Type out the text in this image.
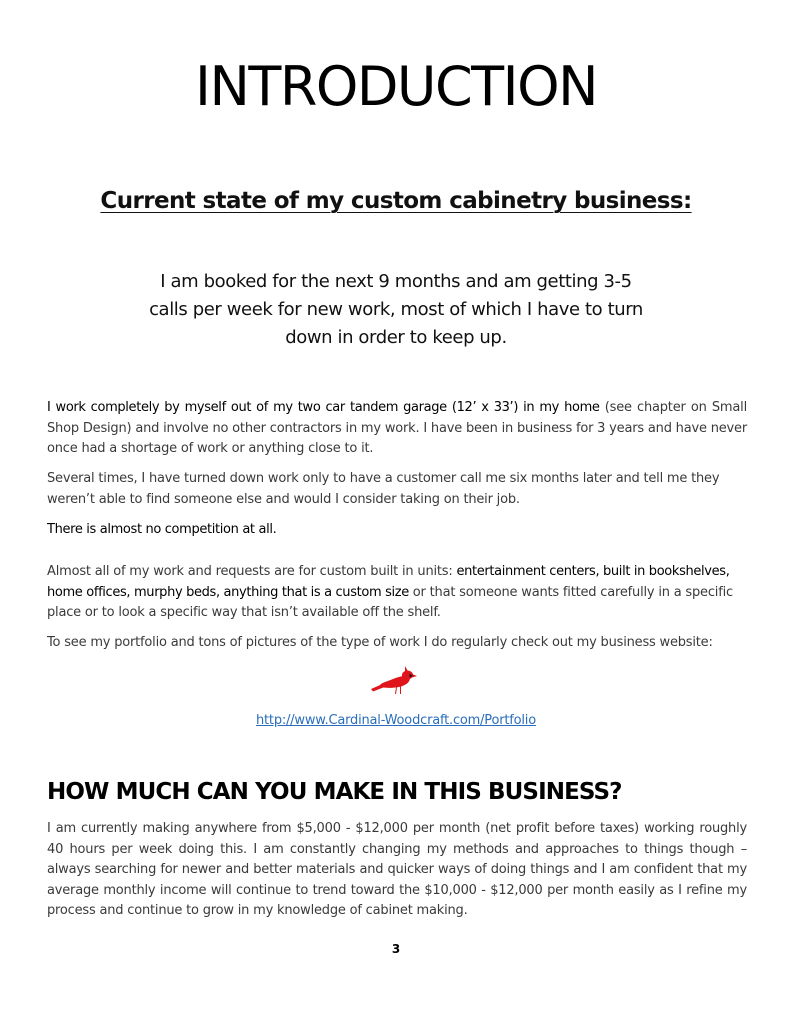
INTRODUCTION
Current state of my custom cabinetry business:

I am booked for the next 9 months and am getting 3-5 calls per week for new work, most of which I have to turn down in order to keep up.

I work completely by myself out of my two car tandem garage (12’ x 33’) in my home (see chapter on Small Shop Design) and involve no other contractors in my work. I have been in business for 3 years and have never once had a shortage of work or anything close to it.

Several times, I have turned down work only to have a customer call me six months later and tell me they weren’t able to find someone else and would I consider taking on their job.

There is almost no competition at all.

Almost all of my work and requests are for custom built in units: entertainment centers, built in bookshelves, home offices, murphy beds, anything that is a custom size or that someone wants fitted carefully in a specific place or to look a specific way that isn’t available off the shelf.

To see my portfolio and tons of pictures of the type of work I do regularly check out my business website:

http://www.Cardinal-Woodcraft.com/Portfolio
HOW MUCH CAN YOU MAKE IN THIS BUSINESS?

I am currently making anywhere from $5,000 - $12,000 per month (net profit before taxes) working roughly 40 hours per week doing this. I am constantly changing my methods and approaches to things though – always searching for newer and better materials and quicker ways of doing things and I am confident that my average monthly income will continue to trend toward the $10,000 - $12,000 per month easily as I refine my process and continue to grow in my knowledge of cabinet making.

3
